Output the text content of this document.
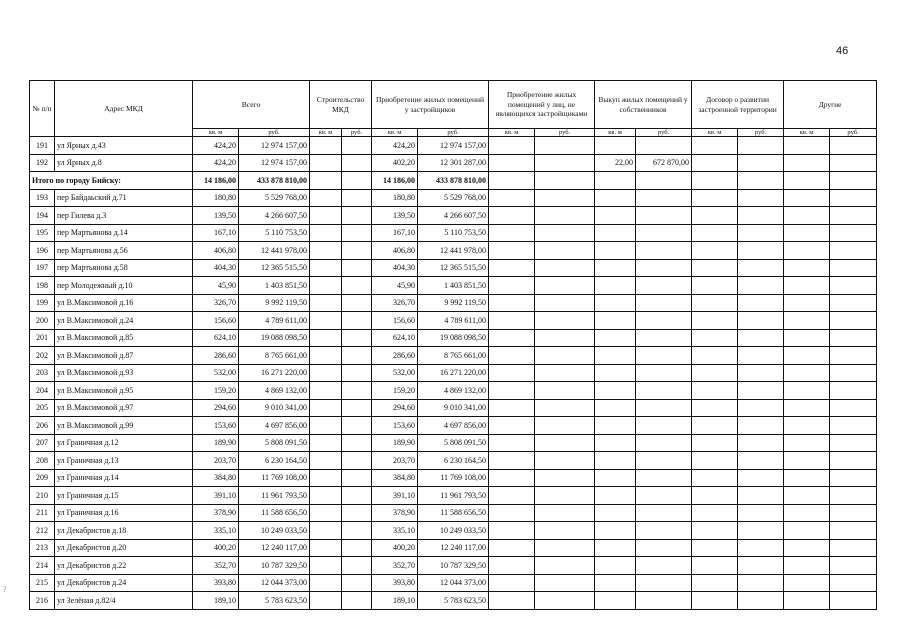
46
?
№ п/п	Адрес МКД	Всего		Строительство МКД		Приобретение жилых помещений у застройщиков		Приобретение жилых помещений у лиц, не являющихся застройщиками		Выкуп жилых помещений у собственников		Договор о развитии застроенной территории		Другие	
		кв. м	руб.	кв. м	руб.	кв. м	руб.	кв. м	руб.	кв. м	руб.	кв. м	руб.	кв. м	руб.
191	ул Ярных д.43	424,20	12 974 157,00			424,20	12 974 157,00								
192	ул Ярных д.8	424,20	12 974 157,00			402,20	12 301 287,00			22,00	672 870,00				
Итого по городу Бийску:		14 186,00	433 878 810,00			14 186,00	433 878 810,00								
193	пер Байдаьский д.71	180,80	5 529 768,00			180,80	5 529 768,00								
194	пер Гилева д.3	139,50	4 266 607,50			139,50	4 266 607,50								
195	пер Мартьянова д.14	167,10	5 110 753,50			167,10	5 110 753,50								
196	пер Мартьянова д.56	406,80	12 441 978,00			406,80	12 441 978,00								
197	пер Мартьянова д.58	404,30	12 365 515,50			404,30	12 365 515,50								
198	пер Молодежный д.10	45,90	1 403 851,50			45,90	1 403 851,50								
199	ул В.Максимовой д.16	326,70	9 992 119,50			326,70	9 992 119,50								
200	ул В.Максимовой д.24	156,60	4 789 611,00			156,60	4 789 611,00								
201	ул В.Максимовой д.85	624,10	19 088 098,50			624,10	19 088 098,50								
202	ул В.Максимовой д.87	286,60	8 765 661,00			286,60	8 765 661,00								
203	ул В.Максимовой д.93	532,00	16 271 220,00			532,00	16 271 220,00								
204	ул В.Максимовой д.95	159,20	4 869 132,00			159,20	4 869 132,00								
205	ул В.Максимовой д.97	294,60	9 010 341,00			294,60	9 010 341,00								
206	ул В.Максимовой д.99	153,60	4 697 856,00			153,60	4 697 856,00								
207	ул Граничная д.12	189,90	5 808 091,50			189,90	5 808 091,50								
208	ул Граничная д.13	203,70	6 230 164,50			203,70	6 230 164,50								
209	ул Граничная д.14	384,80	11 769 108,00			384,80	11 769 108,00								
210	ул Граничная д.15	391,10	11 961 793,50			391,10	11 961 793,50								
211	ул Граничная д.16	378,90	11 588 656,50			378,90	11 588 656,50								
212	ул Декабристов д.18	335,10	10 249 033,50			335,10	10 249 033,50								
213	ул Декабристов д.20	400,20	12 240 117,00			400,20	12 240 117,00								
214	ул Декабристов д.22	352,70	10 787 329,50			352,70	10 787 329,50								
215	ул Декабристов д.24	393,80	12 044 373,00			393,80	12 044 373,00								
216	ул Зелёная д.82/4	189,10	5 783 623,50			189,10	5 783 623,50								
